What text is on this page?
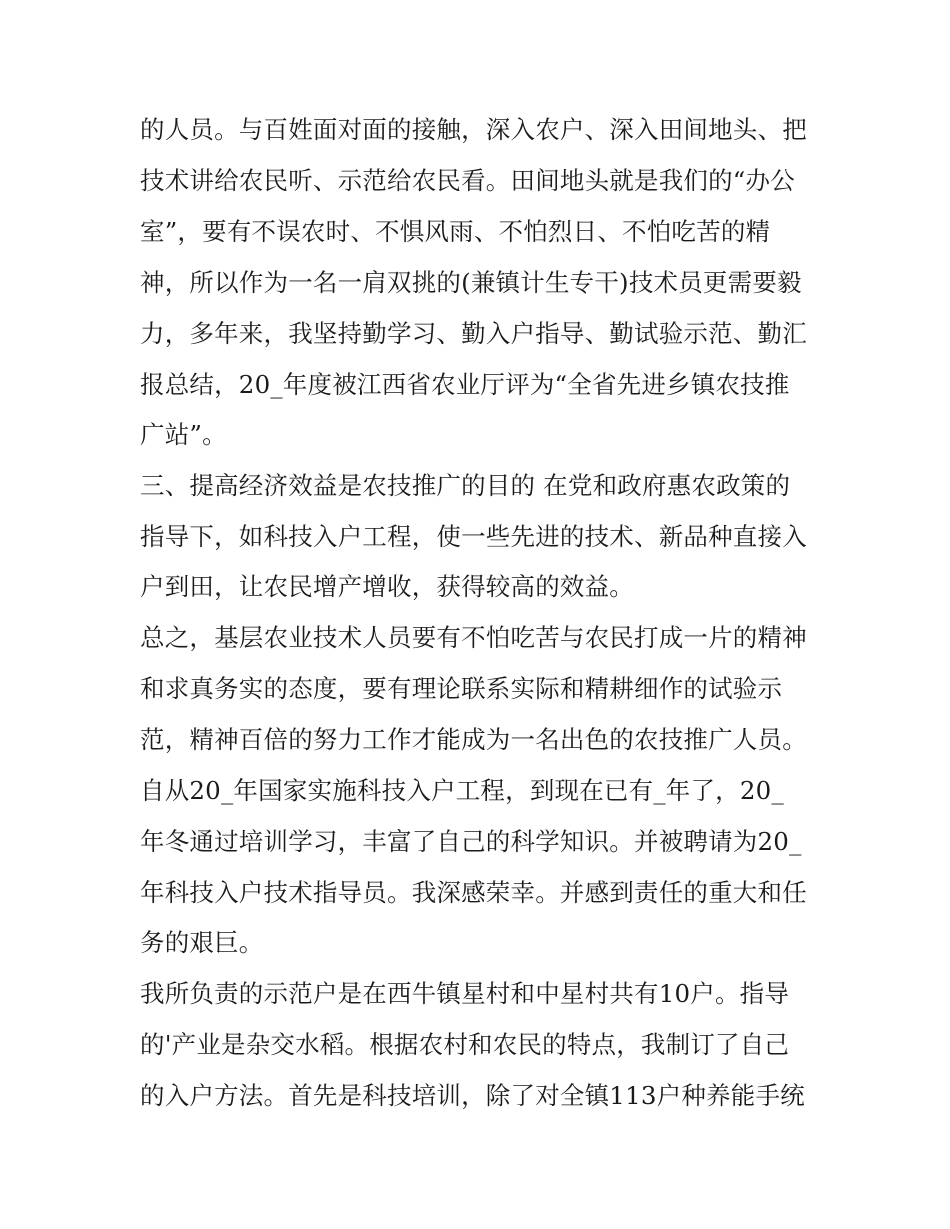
的人员。与百姓面对面的接触，深入农户、深入田间地头、把
技术讲给农民听、示范给农民看。田间地头就是我们的“办公
室”，要有不误农时、不惧风雨、不怕烈日、不怕吃苦的精
神，所以作为一名一肩双挑的(兼镇计生专干)技术员更需要毅
力，多年来，我坚持勤学习、勤入户指导、勤试验示范、勤汇
报总结，20_年度被江西省农业厅评为“全省先进乡镇农技推
广站”。
三、提高经济效益是农技推广的目的 在党和政府惠农政策的
指导下，如科技入户工程，使一些先进的技术、新品种直接入
户到田，让农民增产增收，获得较高的效益。
总之，基层农业技术人员要有不怕吃苦与农民打成一片的精神
和求真务实的态度，要有理论联系实际和精耕细作的试验示
范，精神百倍的努力工作才能成为一名出色的农技推广人员。
自从20_年国家实施科技入户工程，到现在已有_年了，20_
年冬通过培训学习，丰富了自己的科学知识。并被聘请为20_
年科技入户技术指导员。我深感荣幸。并感到责任的重大和任
务的艰巨。
我所负责的示范户是在西牛镇星村和中星村共有10户。指导
的'产业是杂交水稻。根据农村和农民的特点，我制订了自己
的入户方法。首先是科技培训，除了对全镇113户种养能手统
